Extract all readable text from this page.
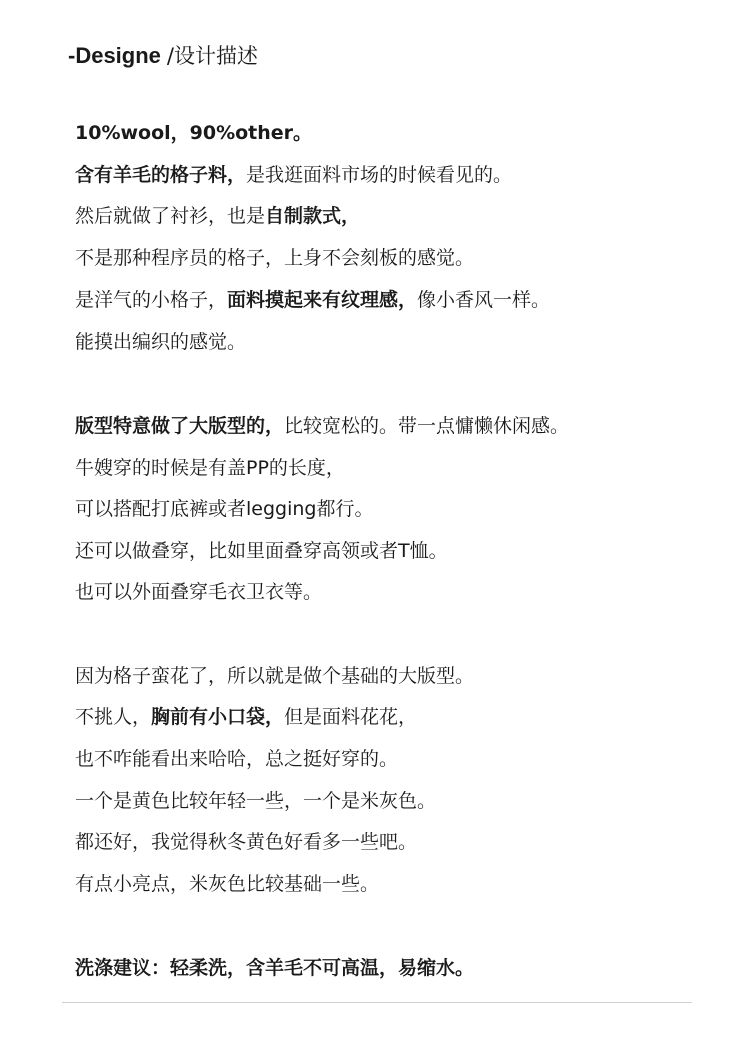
-Designe /设计描述
10%wool，90%other。
含有羊毛的格子料，是我逛面料市场的时候看见的。
然后就做了衬衫，也是自制款式，
不是那种程序员的格子，上身不会刻板的感觉。
是洋气的小格子，面料摸起来有纹理感，像小香风一样。
能摸出编织的感觉。
版型特意做了大版型的，比较宽松的。带一点慵懒休闲感。
牛嫂穿的时候是有盖PP的长度，
可以搭配打底裤或者legging都行。
还可以做叠穿，比如里面叠穿高领或者T恤。
也可以外面叠穿毛衣卫衣等。
因为格子蛮花了，所以就是做个基础的大版型。
不挑人，胸前有小口袋，但是面料花花，
也不咋能看出来哈哈，总之挺好穿的。
一个是黄色比较年轻一些，一个是米灰色。
都还好，我觉得秋冬黄色好看多一些吧。
有点小亮点，米灰色比较基础一些。
洗涤建议：轻柔洗，含羊毛不可高温，易缩水。
